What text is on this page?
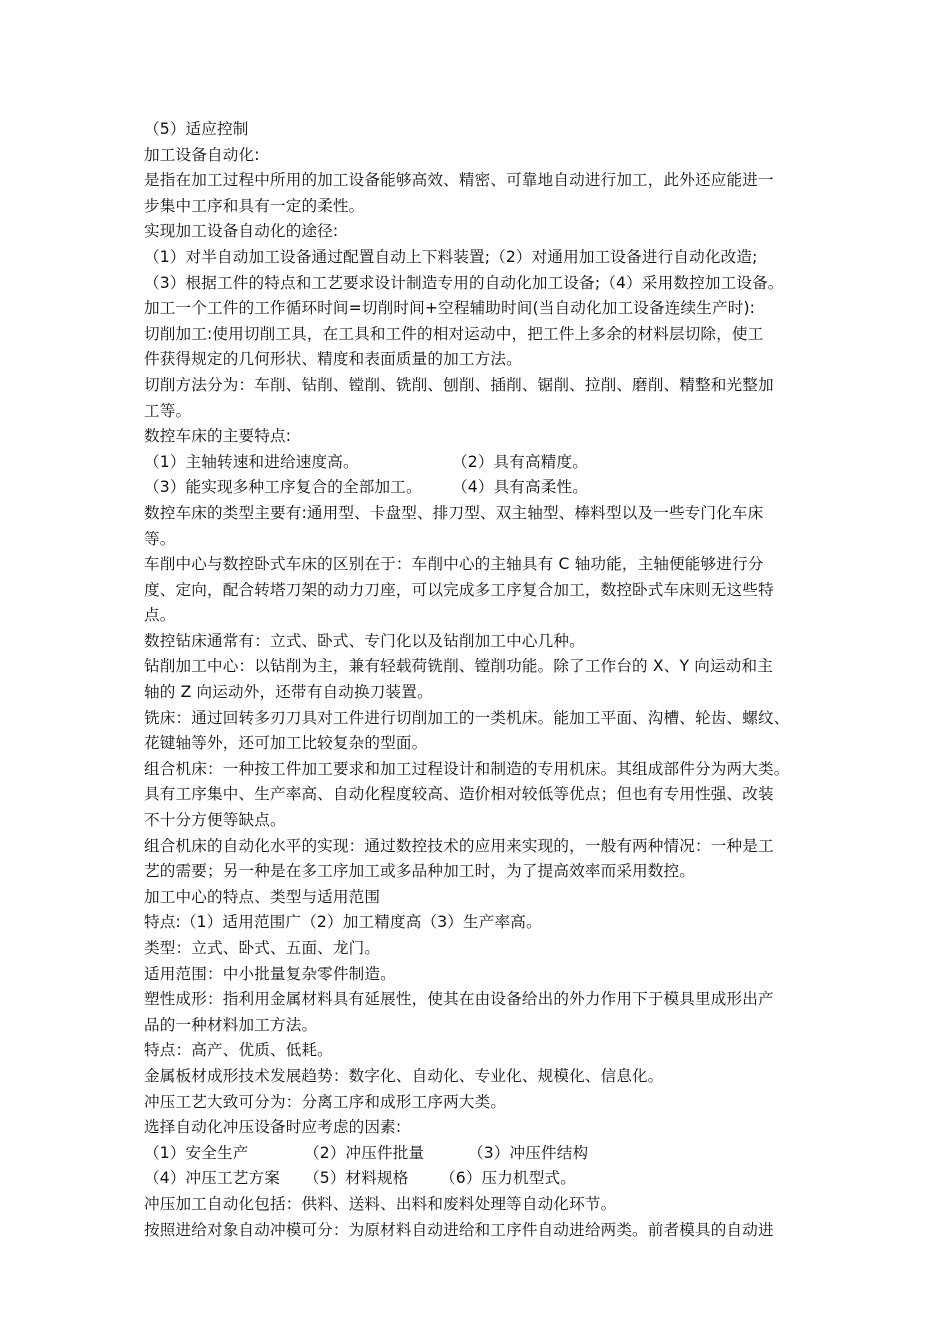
（5）适应控制
加工设备自动化:
是指在加工过程中所用的加工设备能够高效、精密、可靠地自动进行加工，此外还应能进一
步集中工序和具有一定的柔性。
实现加工设备自动化的途径:
（1）对半自动加工设备通过配置自动上下料装置;（2）对通用加工设备进行自动化改造;
（3）根据工件的特点和工艺要求设计制造专用的自动化加工设备;（4）采用数控加工设备。
加工一个工件的工作循环时间=切削时间+空程辅助时间(当自动化加工设备连续生产时):
切削加工:使用切削工具，在工具和工件的相对运动中，把工件上多余的材料层切除，使工
件获得规定的几何形状、精度和表面质量的加工方法。
切削方法分为：车削、钻削、镗削、铣削、刨削、插削、锯削、拉削、磨削、精整和光整加
工等。
数控车床的主要特点:
（1）主轴转速和进给速度高。	（2）具有高精度。
（3）能实现多种工序复合的全部加工。	（4）具有高柔性。
数控车床的类型主要有:通用型、卡盘型、排刀型、双主轴型、棒料型以及一些专门化车床
等。
车削中心与数控卧式车床的区别在于：车削中心的主轴具有 C 轴功能，主轴便能够进行分
度、定向，配合转塔刀架的动力刀座，可以完成多工序复合加工，数控卧式车床则无这些特
点。
数控钻床通常有：立式、卧式、专门化以及钻削加工中心几种。
钻削加工中心：以钻削为主，兼有轻载荷铣削、镗削功能。除了工作台的 X、Y 向运动和主
轴的 Z 向运动外，还带有自动换刀装置。
铣床：通过回转多刃刀具对工件进行切削加工的一类机床。能加工平面、沟槽、轮齿、螺纹、
花键轴等外，还可加工比较复杂的型面。
组合机床：一种按工件加工要求和加工过程设计和制造的专用机床。其组成部件分为两大类。
具有工序集中、生产率高、自动化程度较高、造价相对较低等优点；但也有专用性强、改装
不十分方便等缺点。
组合机床的自动化水平的实现：通过数控技术的应用来实现的，一般有两种情况：一种是工
艺的需要；另一种是在多工序加工或多品种加工时，为了提高效率而采用数控。
加工中心的特点、类型与适用范围
特点:（1）适用范围广（2）加工精度高（3）生产率高。
类型：立式、卧式、五面、龙门。
适用范围：中小批量复杂零件制造。
塑性成形：指利用金属材料具有延展性，使其在由设备给出的外力作用下于模具里成形出产
品的一种材料加工方法。
特点：高产、优质、低耗。
金属板材成形技术发展趋势：数字化、自动化、专业化、规模化、信息化。
冲压工艺大致可分为：分离工序和成形工序两大类。
选择自动化冲压设备时应考虑的因素:
（1）安全生产	（2）冲压件批量	（3）冲压件结构
（4）冲压工艺方案	（5）材料规格	（6）压力机型式。
冲压加工自动化包括：供料、送料、出料和废料处理等自动化环节。
按照进给对象自动冲模可分：为原材料自动进给和工序件自动进给两类。前者模具的自动进
